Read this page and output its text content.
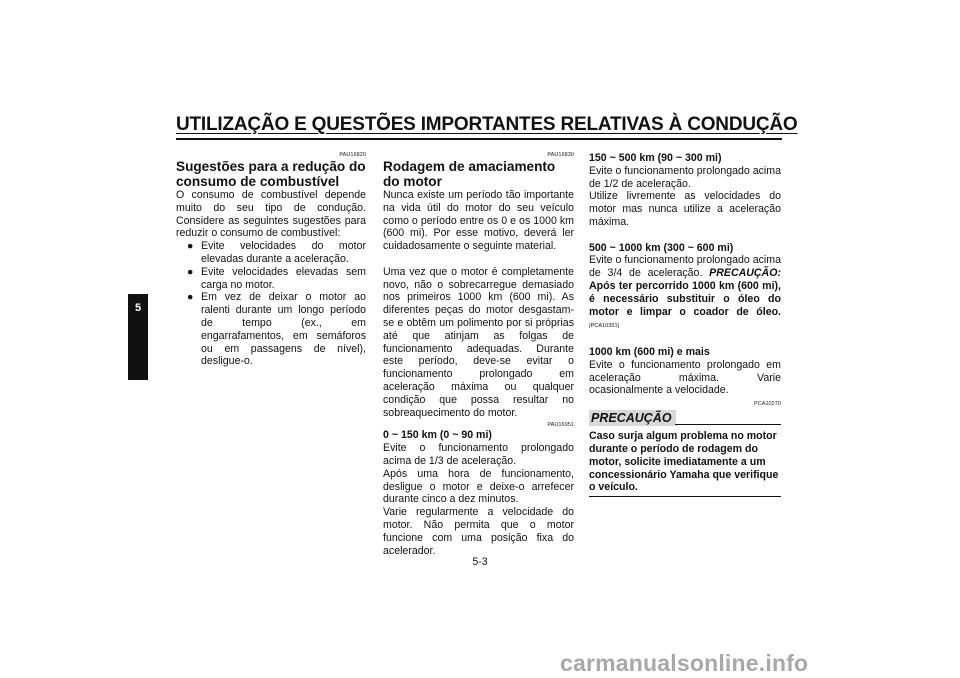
UTILIZAÇÃO E QUESTÕES IMPORTANTES RELATIVAS À CONDUÇÃO
5
PAU16820
Sugestões para a redução do consumo de combustível

O consumo de combustível depende muito do seu tipo de condução. Considere as seguintes sugestões para reduzir o consumo de combustível:

● Evite velocidades do motor elevadas durante a aceleração.
● Evite velocidades elevadas sem carga no motor.
● Em vez de deixar o motor ao ralenti durante um longo período de tempo (ex., em engarrafamentos, em semáforos ou em passagens de nível), desligue-o.
PAU16830
Rodagem de amaciamento do motor

Nunca existe um período tão importante na vida útil do motor do seu veículo como o período entre os 0 e os 1000 km (600 mi). Por esse motivo, deverá ler cuidadosamente o seguinte material.

Uma vez que o motor é completamente novo, não o sobrecarregue demasiado nos primeiros 1000 km (600 mi). As diferentes peças do motor desgastam-se e obtêm um polimento por si próprias até que atinjam as folgas de funcionamento adequadas. Durante este período, deve-se evitar o funcionamento prolongado em aceleração máxima ou qualquer condição que possa resultar no sobreaquecimento do motor.

PAU16951

0 ~ 150 km (0 ~ 90 mi)

Evite o funcionamento prolongado acima de 1/3 de aceleração.

Após uma hora de funcionamento, desligue o motor e deixe-o arrefecer durante cinco a dez minutos.

Varie regularmente a velocidade do motor. Não permita que o motor funcione com uma posição fixa do acelerador.

150 ~ 500 km (90 ~ 300 mi)

Evite o funcionamento prolongado acima de 1/2 de aceleração.

Utilize livremente as velocidades do motor mas nunca utilize a aceleração máxima.

500 ~ 1000 km (300 ~ 600 mi)

Evite o funcionamento prolongado acima de 3/4 de aceleração. PRECAUÇÃO: Após ter percorrido 1000 km (600 mi), é necessário substituir o óleo do motor e limpar o coador de óleo.[PCA10351]

1000 km (600 mi) e mais

Evite o funcionamento prolongado em aceleração máxima. Varie ocasionalmente a velocidade.

PCA10270
PRECAUÇÃO

Caso surja algum problema no motor durante o período de rodagem do motor, solicite imediatamente a um concessionário Yamaha que verifique o veículo.

5-3
carmanualsonline.info
